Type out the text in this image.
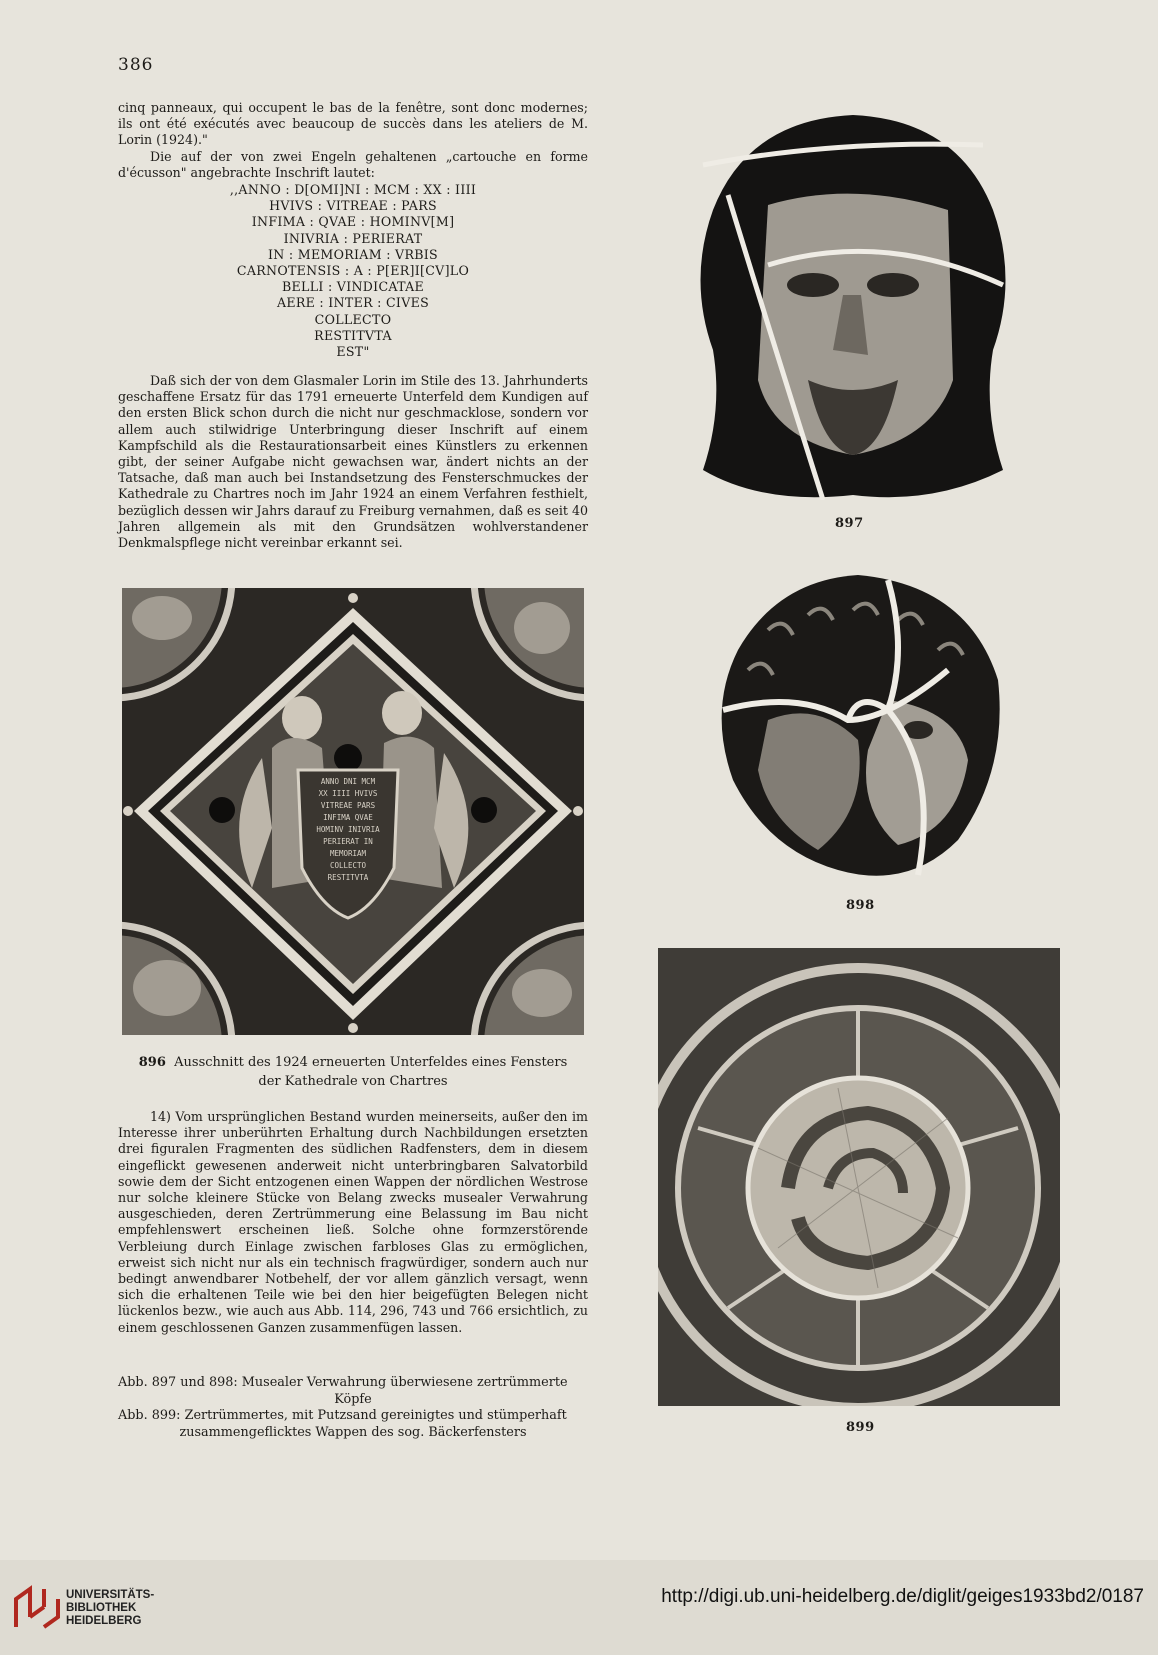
386

cinq panneaux, qui occupent le bas de la fenêtre, sont donc modernes; ils ont été exécutés avec beaucoup de succès dans les ateliers de M. Lorin (1924)."

Die auf der von zwei Engeln gehaltenen „cartouche en forme d'écusson" angebrachte Inschrift lautet:

,,ANNO : D[OMI]NI : MCM : XX : IIII
HVIVS : VITREAE : PARS
INFIMA : QVAE : HOMINV[M]
INIVRIA : PERIERAT
IN : MEMORIAM : VRBIS
CARNOTENSIS : A : P[ER]I[CV]LO
BELLI : VINDICATAE
AERE : INTER : CIVES
COLLECTO
RESTITVTA
EST"

Daß sich der von dem Glasmaler Lorin im Stile des 13. Jahrhunderts geschaffene Ersatz für das 1791 erneuerte Unterfeld dem Kundigen auf den ersten Blick schon durch die nicht nur geschmacklose, sondern vor allem auch stilwidrige Unterbringung dieser Inschrift auf einem Kampfschild als die Restaurationsarbeit eines Künstlers zu erkennen gibt, der seiner Aufgabe nicht gewachsen war, ändert nichts an der Tatsache, daß man auch bei Instandsetzung des Fensterschmuckes der Kathedrale zu Chartres noch im Jahr 1924 an einem Verfahren festhielt, bezüglich dessen wir Jahrs darauf zu Freiburg vernahmen, daß es seit 40 Jahren allgemein als mit den Grundsätzen wohlverstandener Denkmalspflege nicht vereinbar erkannt sei.

ANNO DNI MCM
XX IIII HVIVS
VITREAE PARS
INFIMA QVAE
HOMINV INIVRIA
PERIERAT IN
MEMORIAM
COLLECTO
RESTITVTA
896 Ausschnitt des 1924 erneuerten Unterfeldes eines Fensters
der Kathedrale von Chartres

14) Vom ursprünglichen Bestand wurden meinerseits, außer den im Interesse ihrer unberührten Erhaltung durch Nachbildungen ersetzten drei figuralen Fragmenten des südlichen Radfensters, dem in diesem eingeflickt gewesenen anderweit nicht unterbringbaren Salvatorbild sowie dem der Sicht entzogenen einen Wappen der nördlichen Westrose nur solche kleinere Stücke von Belang zwecks musealer Verwahrung ausgeschieden, deren Zertrümmerung eine Belassung im Bau nicht empfehlenswert erscheinen ließ. Solche ohne formzerstörende Verbleiung durch Einlage zwischen farbloses Glas zu ermöglichen, erweist sich nicht nur als ein technisch fragwürdiger, sondern auch nur bedingt anwendbarer Notbehelf, der vor allem gänzlich versagt, wenn sich die erhaltenen Teile wie bei den hier beigefügten Belegen nicht lückenlos bezw., wie auch aus Abb. 114, 296, 743 und 766 ersichtlich, zu einem geschlossenen Ganzen zusammenfügen lassen.

Abb. 897 und 898: Musealer Verwahrung überwiesene zertrümmerte

Köpfe

Abb. 899: Zertrümmertes, mit Putzsand gereinigtes und stümperhaft

zusammengeflicktes Wappen des sog. Bäckerfensters

897
898
899
UNIVERSITÄTS-
BIBLIOTHEK
HEIDELBERG
http://digi.ub.uni-heidelberg.de/diglit/geiges1933bd2/0187
